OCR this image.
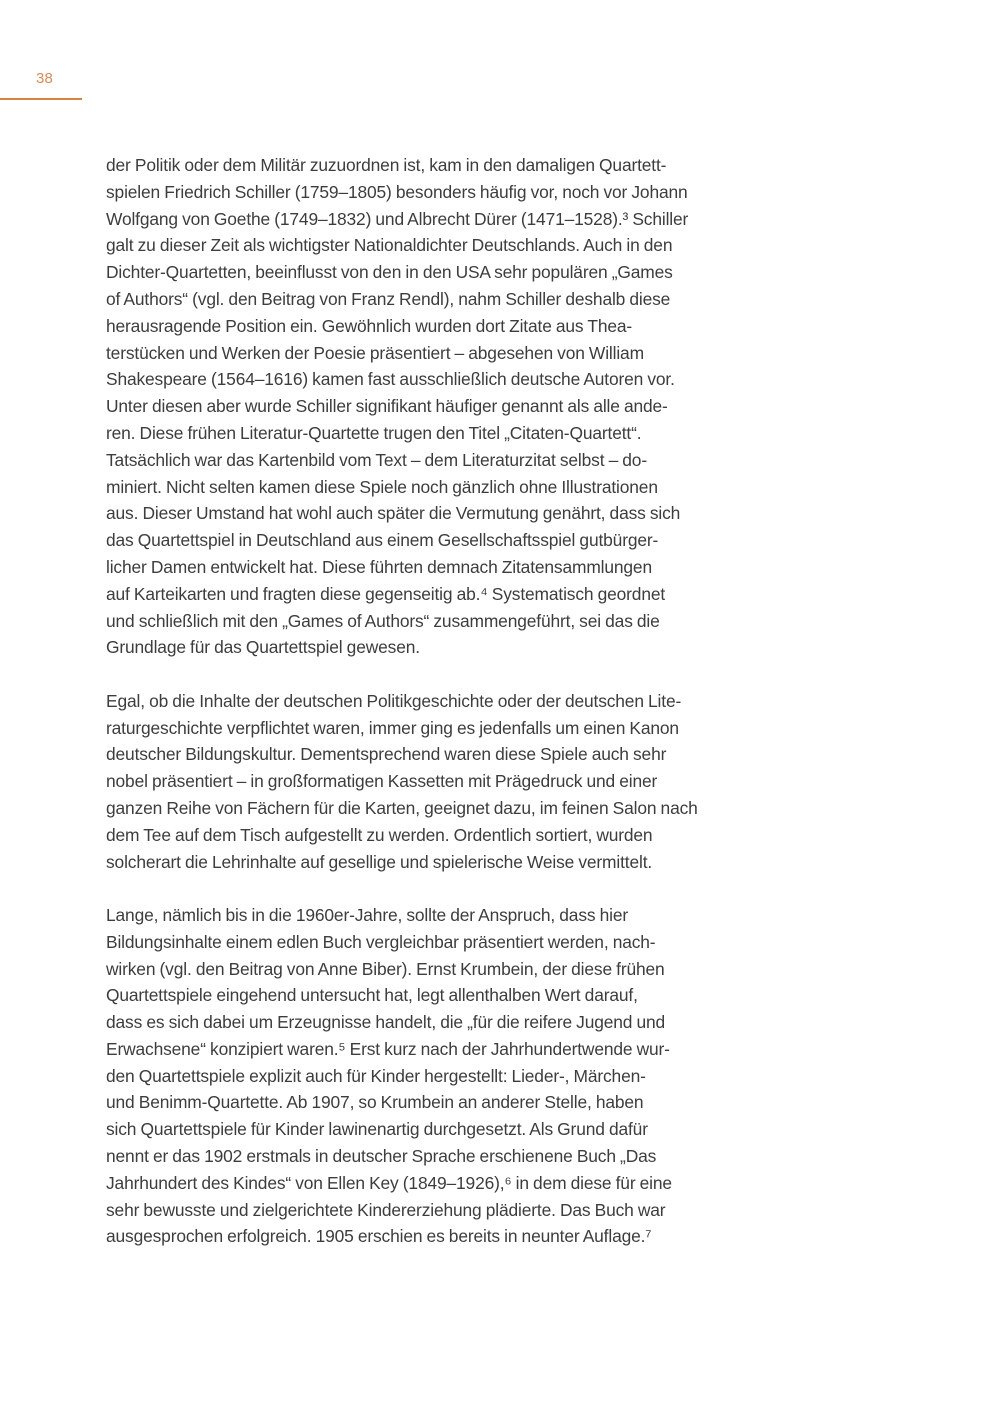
38

der Politik oder dem Militär zuzuordnen ist, kam in den damaligen Quartett-
spielen Friedrich Schiller (1759–1805) besonders häufig vor, noch vor Johann
Wolfgang von Goethe (1749–1832) und Albrecht Dürer (1471–1528).³ Schiller
galt zu dieser Zeit als wichtigster Nationaldichter Deutschlands. Auch in den
Dichter-Quartetten, beeinflusst von den in den USA sehr populären „Games
of Authors“ (vgl. den Beitrag von Franz Rendl), nahm Schiller deshalb diese
herausragende Position ein. Gewöhnlich wurden dort Zitate aus Thea-
terstücken und Werken der Poesie präsentiert – abgesehen von William
Shakespeare (1564–1616) kamen fast ausschließlich deutsche Autoren vor.
Unter diesen aber wurde Schiller signifikant häufiger genannt als alle ande-
ren. Diese frühen Literatur-Quartette trugen den Titel „Citaten-Quartett“.
Tatsächlich war das Kartenbild vom Text – dem Literaturzitat selbst – do-
miniert. Nicht selten kamen diese Spiele noch gänzlich ohne Illustrationen
aus. Dieser Umstand hat wohl auch später die Vermutung genährt, dass sich
das Quartettspiel in Deutschland aus einem Gesellschaftsspiel gutbürger-
licher Damen entwickelt hat. Diese führten demnach Zitatensammlungen
auf Karteikarten und fragten diese gegenseitig ab.⁴ Systematisch geordnet
und schließlich mit den „Games of Authors“ zusammengeführt, sei das die
Grundlage für das Quartettspiel gewesen.

Egal, ob die Inhalte der deutschen Politikgeschichte oder der deutschen Lite-
raturgeschichte verpflichtet waren, immer ging es jedenfalls um einen Kanon
deutscher Bildungskultur. Dementsprechend waren diese Spiele auch sehr
nobel präsentiert – in großformatigen Kassetten mit Prägedruck und einer
ganzen Reihe von Fächern für die Karten, geeignet dazu, im feinen Salon nach
dem Tee auf dem Tisch aufgestellt zu werden. Ordentlich sortiert, wurden
solcherart die Lehrinhalte auf gesellige und spielerische Weise vermittelt.

Lange, nämlich bis in die 1960er-Jahre, sollte der Anspruch, dass hier
Bildungsinhalte einem edlen Buch vergleichbar präsentiert werden, nach-
wirken (vgl. den Beitrag von Anne Biber). Ernst Krumbein, der diese frühen
Quartettspiele eingehend untersucht hat, legt allenthalben Wert darauf,
dass es sich dabei um Erzeugnisse handelt, die „für die reifere Jugend und
Erwachsene“ konzipiert waren.⁵ Erst kurz nach der Jahrhundertwende wur-
den Quartettspiele explizit auch für Kinder hergestellt: Lieder-, Märchen-
und Benimm-Quartette. Ab 1907, so Krumbein an anderer Stelle, haben
sich Quartettspiele für Kinder lawinenartig durchgesetzt. Als Grund dafür
nennt er das 1902 erstmals in deutscher Sprache erschienene Buch „Das
Jahrhundert des Kindes“ von Ellen Key (1849–1926),⁶ in dem diese für eine
sehr bewusste und zielgerichtete Kindererziehung plädierte. Das Buch war
ausgesprochen erfolgreich. 1905 erschien es bereits in neunter Auflage.⁷
